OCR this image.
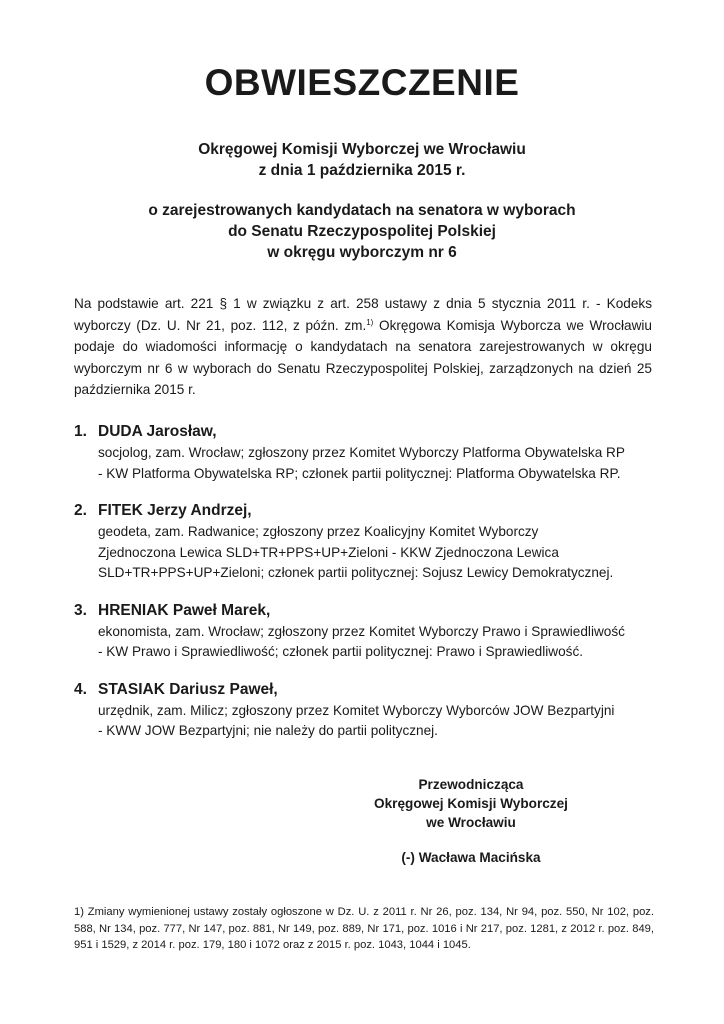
OBWIESZCZENIE
Okręgowej Komisji Wyborczej we Wrocławiu
z dnia 1 października 2015 r.
o zarejestrowanych kandydatach na senatora w wyborach
do Senatu Rzeczypospolitej Polskiej
w okręgu wyborczym nr 6
Na podstawie art. 221 § 1 w związku z art. 258 ustawy z dnia 5 stycznia 2011 r. - Kodeks wyborczy (Dz. U. Nr 21, poz. 112, z późn. zm.$^{1)}$ Okręgowa Komisja Wyborcza we Wrocławiu podaje do wiadomości informację o kandydatach na senatora zarejestrowanych w okręgu wyborczym nr 6 w wyborach do Senatu Rzeczypospolitej Polskiej, zarządzonych na dzień 25 października 2015 r.
1. DUDA Jarosław,
socjolog, zam. Wrocław; zgłoszony przez Komitet Wyborczy Platforma Obywatelska RP
- KW Platforma Obywatelska RP; członek partii politycznej: Platforma Obywatelska RP.
2. FITEK Jerzy Andrzej,
geodeta, zam. Radwanice; zgłoszony przez Koalicyjny Komitet Wyborczy
Zjednoczona Lewica SLD+TR+PPS+UP+Zieloni - KKW Zjednoczona Lewica
SLD+TR+PPS+UP+Zieloni; członek partii politycznej: Sojusz Lewicy Demokratycznej.
3. HRENIAK Paweł Marek,
ekonomista, zam. Wrocław; zgłoszony przez Komitet Wyborczy Prawo i Sprawiedliwość
- KW Prawo i Sprawiedliwość; członek partii politycznej: Prawo i Sprawiedliwość.
4. STASIAK Dariusz Paweł,
urzędnik, zam. Milicz; zgłoszony przez Komitet Wyborczy Wyborców JOW Bezpartyjni
- KWW JOW Bezpartyjni; nie należy do partii politycznej.
Przewodnicząca
Okręgowej Komisji Wyborczej
we Wrocławiu
(-) Wacława Macińska
1) Zmiany wymienionej ustawy zostały ogłoszone w Dz. U. z 2011 r. Nr 26, poz. 134, Nr 94, poz. 550, Nr 102, poz. 588, Nr 134, poz. 777, Nr 147, poz. 881, Nr 149, poz. 889, Nr 171, poz. 1016 i Nr 217, poz. 1281, z 2012 r. poz. 849, 951 i 1529, z 2014 r. poz. 179, 180 i 1072 oraz z 2015 r. poz. 1043, 1044 i 1045.
